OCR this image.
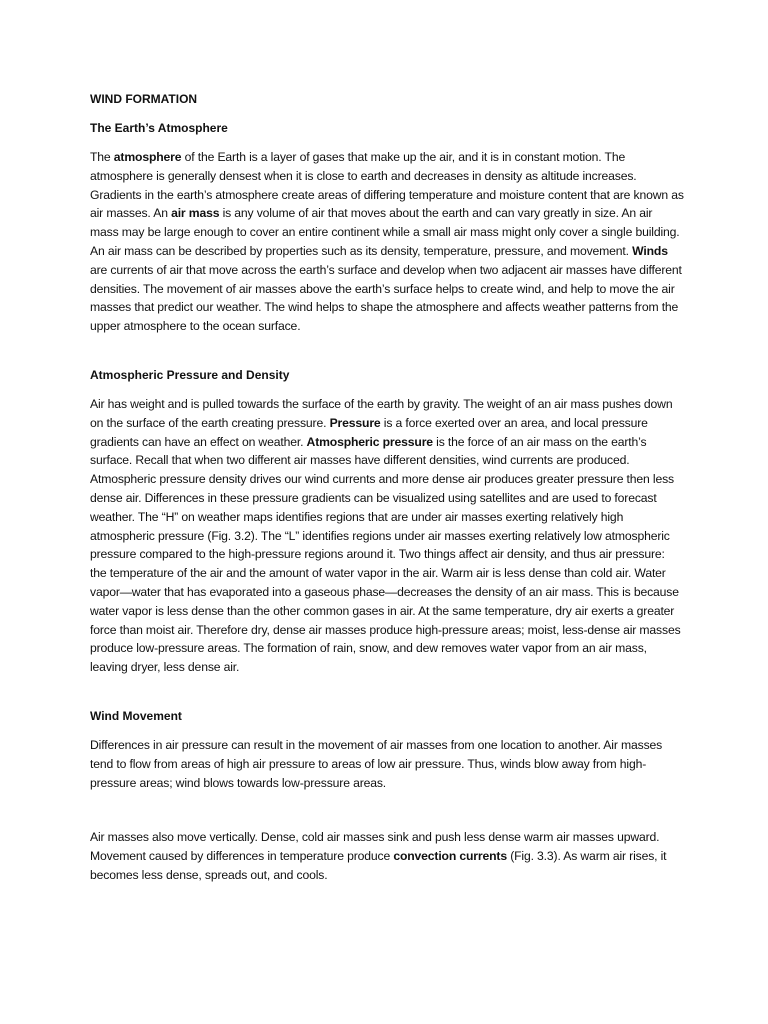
WIND FORMATION
The Earth’s Atmosphere

The atmosphere of the Earth is a layer of gases that make up the air, and it is in constant motion. The atmosphere is generally densest when it is close to earth and decreases in density as altitude increases. Gradients in the earth’s atmosphere create areas of differing temperature and moisture content that are known as air masses. An air mass is any volume of air that moves about the earth and can vary greatly in size. An air mass may be large enough to cover an entire continent while a small air mass might only cover a single building. An air mass can be described by properties such as its density, temperature, pressure, and movement. Winds are currents of air that move across the earth’s surface and develop when two adjacent air masses have different densities. The movement of air masses above the earth’s surface helps to create wind, and help to move the air masses that predict our weather. The wind helps to shape the atmosphere and affects weather patterns from the upper atmosphere to the ocean surface.

Atmospheric Pressure and Density

Air has weight and is pulled towards the surface of the earth by gravity. The weight of an air mass pushes down on the surface of the earth creating pressure. Pressure is a force exerted over an area, and local pressure gradients can have an effect on weather. Atmospheric pressure is the force of an air mass on the earth’s surface. Recall that when two different air masses have different densities, wind currents are produced. Atmospheric pressure density drives our wind currents and more dense air produces greater pressure then less dense air. Differences in these pressure gradients can be visualized using satellites and are used to forecast weather. The “H” on weather maps identifies regions that are under air masses exerting relatively high atmospheric pressure (Fig. 3.2). The “L” identifies regions under air masses exerting relatively low atmospheric pressure compared to the high-pressure regions around it. Two things affect air density, and thus air pressure: the temperature of the air and the amount of water vapor in the air. Warm air is less dense than cold air. Water vapor—water that has evaporated into a gaseous phase—decreases the density of an air mass. This is because water vapor is less dense than the other common gases in air. At the same temperature, dry air exerts a greater force than moist air. Therefore dry, dense air masses produce high-pressure areas; moist, less-dense air masses produce low-pressure areas. The formation of rain, snow, and dew removes water vapor from an air mass, leaving dryer, less dense air.

Wind Movement

Differences in air pressure can result in the movement of air masses from one location to another. Air masses tend to flow from areas of high air pressure to areas of low air pressure. Thus, winds blow away from high-pressure areas; wind blows towards low-pressure areas.

Air masses also move vertically. Dense, cold air masses sink and push less dense warm air masses upward. Movement caused by differences in temperature produce convection currents (Fig. 3.3). As warm air rises, it becomes less dense, spreads out, and cools.
